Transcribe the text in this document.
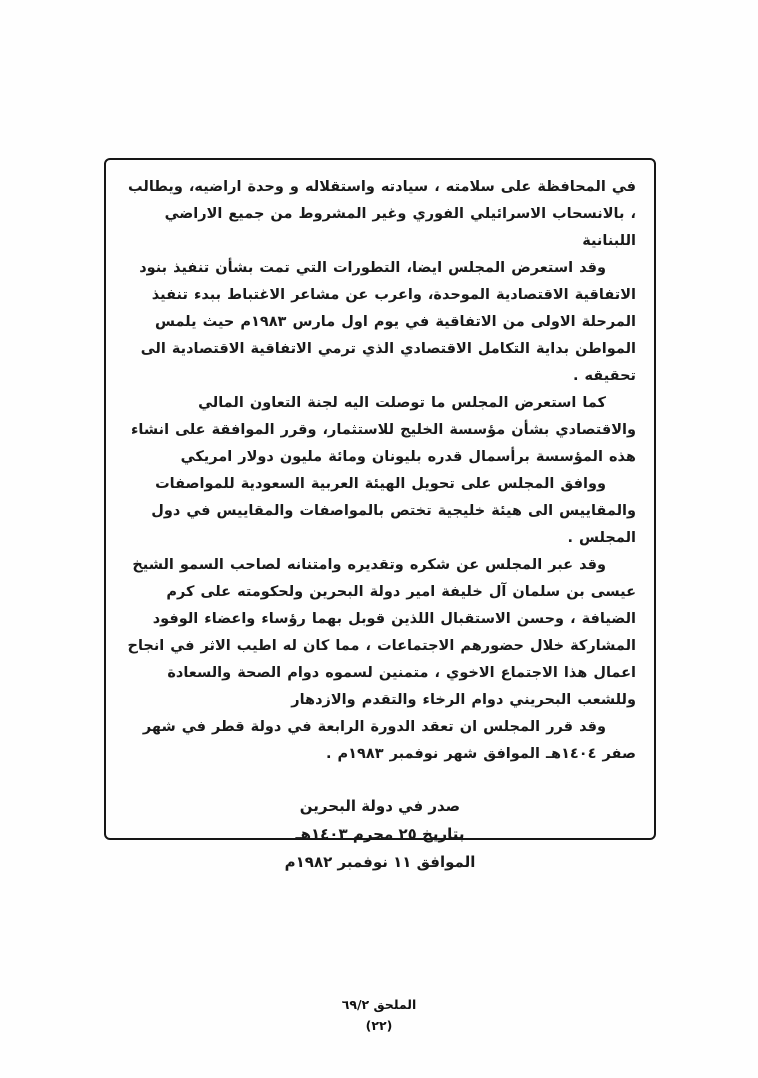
في المحافظة على سلامته ، سيادته واستقلاله و وحدة اراضيه، ويطالب ، بالانسحاب الاسرائيلي الفوري وغير المشروط من جميع الاراضي اللبنانية

وقد استعرض المجلس ايضا، التطورات التي تمت بشأن تنفيذ بنود الاتفاقية الاقتصادية الموحدة، واعرب عن مشاعر الاغتباط ببدء تنفيذ المرحلة الاولى من الاتفاقية في يوم اول مارس ١٩٨٣م حيث يلمس المواطن بداية التكامل الاقتصادي الذي ترمي الاتفاقية الاقتصادية الى تحقيقه .

كما استعرض المجلس ما توصلت اليه لجنة التعاون المالي والاقتصادي بشأن مؤسسة الخليج للاستثمار، وقرر الموافقة على انشاء هذه المؤسسة برأسمال قدره بليونان ومائة مليون دولار امريكي

ووافق المجلس على تحويل الهيئة العربية السعودية للمواصفات والمقاييس الى هيئة خليجية تختص بالمواصفات والمقاييس في دول المجلس .

وقد عبر المجلس عن شكره وتقديره وامتنانه لصاحب السمو الشيخ عيسى بن سلمان آل خليفة امير دولة البحرين ولحكومته على كرم الضيافة ، وحسن الاستقبال اللذين قوبل بهما رؤساء واعضاء الوفود المشاركة خلال حضورهم الاجتماعات ، مما كان له اطيب الاثر في انجاح اعمال هذا الاجتماع الاخوي ، متمنين لسموه دوام الصحة والسعادة وللشعب البحريني دوام الرخاء والتقدم والازدهار

وقد قرر المجلس ان تعقد الدورة الرابعة في دولة قطر في شهر صفر ١٤٠٤هـ الموافق شهر نوفمبر ١٩٨٣م .

صدر في دولة البحرين

بتاريخ ٢٥ محرم ١٤٠٣هـ

الموافق ١١ نوفمبر ١٩٨٢م

الملحق ٦٩/٢

(٢٢)
